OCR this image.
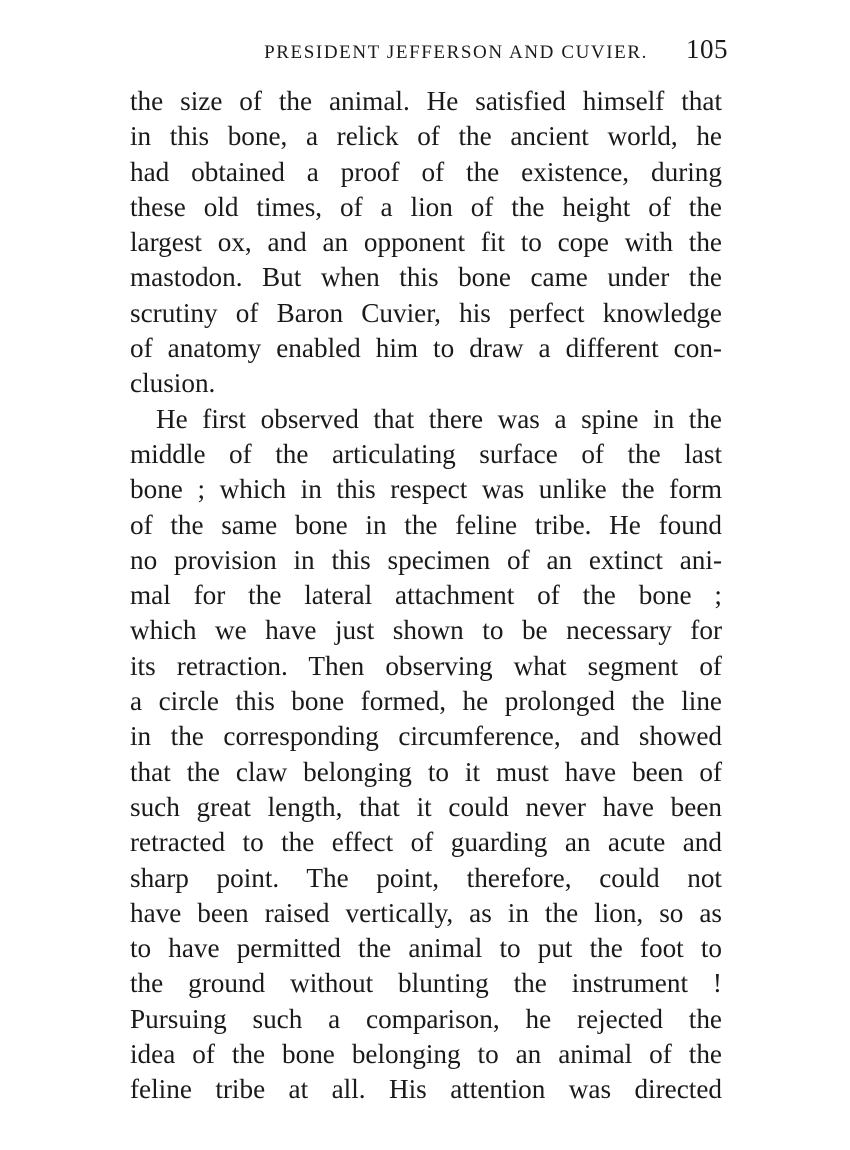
PRESIDENT JEFFERSON AND CUVIER. 105
the size of the animal. He satisfied himself that
in this bone, a relick of the ancient world, he
had obtained a proof of the existence, during
these old times, of a lion of the height of the
largest ox, and an opponent fit to cope with the
mastodon. But when this bone came under the
scrutiny of Baron Cuvier, his perfect knowledge
of anatomy enabled him to draw a different con-
clusion.
He first observed that there was a spine in the
middle of the articulating surface of the last
bone ; which in this respect was unlike the form
of the same bone in the feline tribe. He found
no provision in this specimen of an extinct ani-
mal for the lateral attachment of the bone ;
which we have just shown to be necessary for
its retraction. Then observing what segment of
a circle this bone formed, he prolonged the line
in the corresponding circumference, and showed
that the claw belonging to it must have been of
such great length, that it could never have been
retracted to the effect of guarding an acute and
sharp point. The point, therefore, could not
have been raised vertically, as in the lion, so as
to have permitted the animal to put the foot to
the ground without blunting the instrument !
Pursuing such a comparison, he rejected the
idea of the bone belonging to an animal of the
feline tribe at all. His attention was directed
